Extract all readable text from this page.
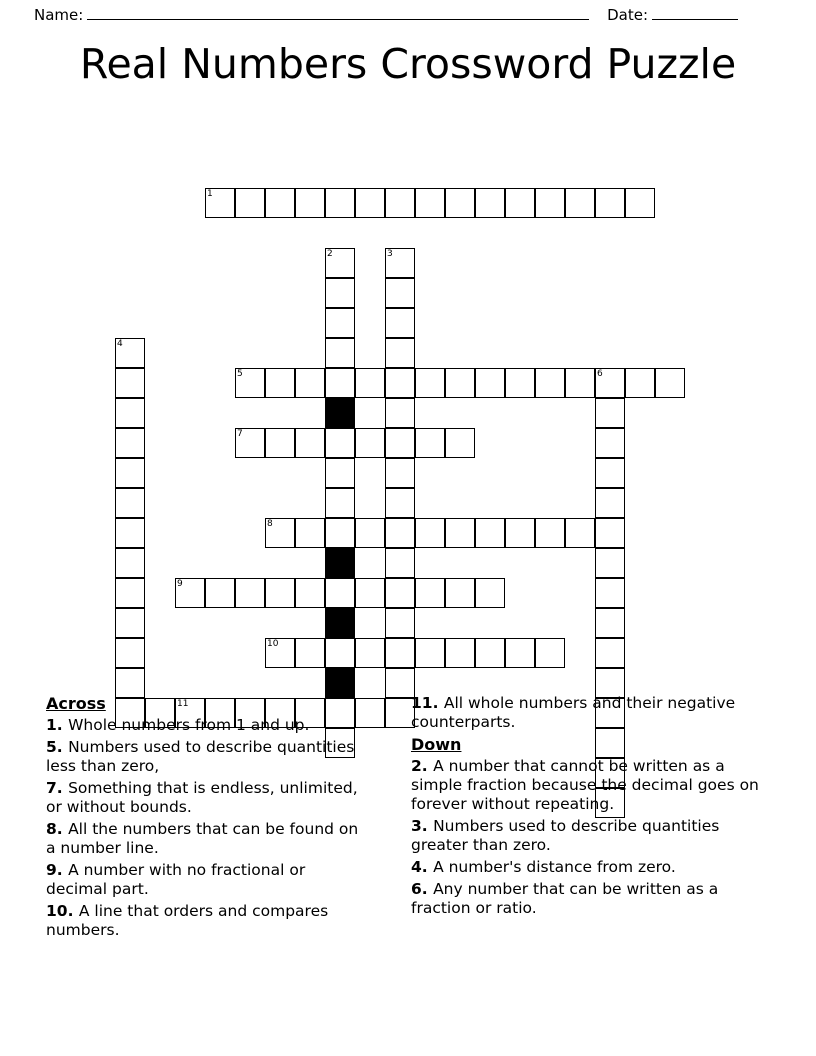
Name:	Date:
Real Numbers Crossword Puzzle
1
2	3
4
5	6
7
8
9
10
11
Across
1. Whole numbers from 1 and up.
5. Numbers used to describe quantities less than zero,
7. Something that is endless, unlimited, or without bounds.
8. All the numbers that can be found on a number line.
9. A number with no fractional or decimal part.
10. A line that orders and compares numbers.
11. All whole numbers and their negative counterparts.
Down
2. A number that cannot be written as a simple fraction because the decimal goes on forever without repeating.
3. Numbers used to describe quantities greater than zero.
4. A number's distance from zero.
6. Any number that can be written as a fraction or ratio.
